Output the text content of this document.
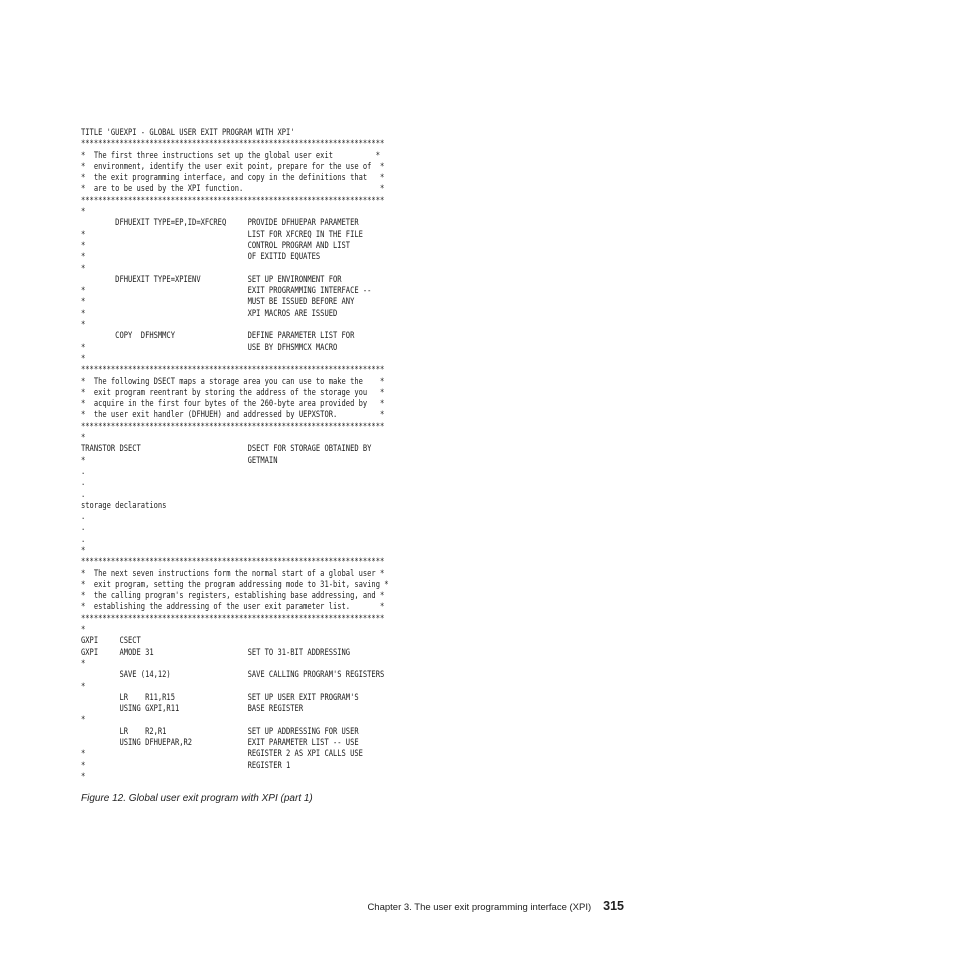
TITLE 'GUEXPI - GLOBAL USER EXIT PROGRAM WITH XPI'
***********************************************************************
*  The first three instructions set up the global user exit          *
*  environment, identify the user exit point, prepare for the use of  *
*  the exit programming interface, and copy in the definitions that   *
*  are to be used by the XPI function.                                *
***********************************************************************
*
DFHUEXIT TYPE=EP,ID=XFCREQ     PROVIDE DFHUEPAR PARAMETER
*                                      LIST FOR XFCREQ IN THE FILE
*                                      CONTROL PROGRAM AND LIST
*                                      OF EXITID EQUATES
*
DFHUEXIT TYPE=XPIENV           SET UP ENVIRONMENT FOR
*                                      EXIT PROGRAMMING INTERFACE --
*                                      MUST BE ISSUED BEFORE ANY
*                                      XPI MACROS ARE ISSUED
*
COPY  DFHSMMCY                 DEFINE PARAMETER LIST FOR
*                                      USE BY DFHSMMCX MACRO
*
***********************************************************************
*  The following DSECT maps a storage area you can use to make the    *
*  exit program reentrant by storing the address of the storage you   *
*  acquire in the first four bytes of the 260-byte area provided by   *
*  the user exit handler (DFHUEH) and addressed by UEPXSTOR.          *
***********************************************************************
*
TRANSTOR DSECT                         DSECT FOR STORAGE OBTAINED BY
*                                      GETMAIN
.
.
.
storage declarations
.
.
.
*
***********************************************************************
*  The next seven instructions form the normal start of a global user *
*  exit program, setting the program addressing mode to 31-bit, saving *
*  the calling program's registers, establishing base addressing, and *
*  establishing the addressing of the user exit parameter list.       *
***********************************************************************
*
GXPI     CSECT
GXPI     AMODE 31                      SET TO 31-BIT ADDRESSING
*
SAVE (14,12)                  SAVE CALLING PROGRAM'S REGISTERS
*
LR    R11,R15                 SET UP USER EXIT PROGRAM'S
USING GXPI,R11                BASE REGISTER
*
LR    R2,R1                   SET UP ADDRESSING FOR USER
USING DFHUEPAR,R2             EXIT PARAMETER LIST -- USE
*                                      REGISTER 2 AS XPI CALLS USE
*                                      REGISTER 1
*
Figure 12. Global user exit program with XPI (part 1)
Chapter 3. The user exit programming interface (XPI) 315
